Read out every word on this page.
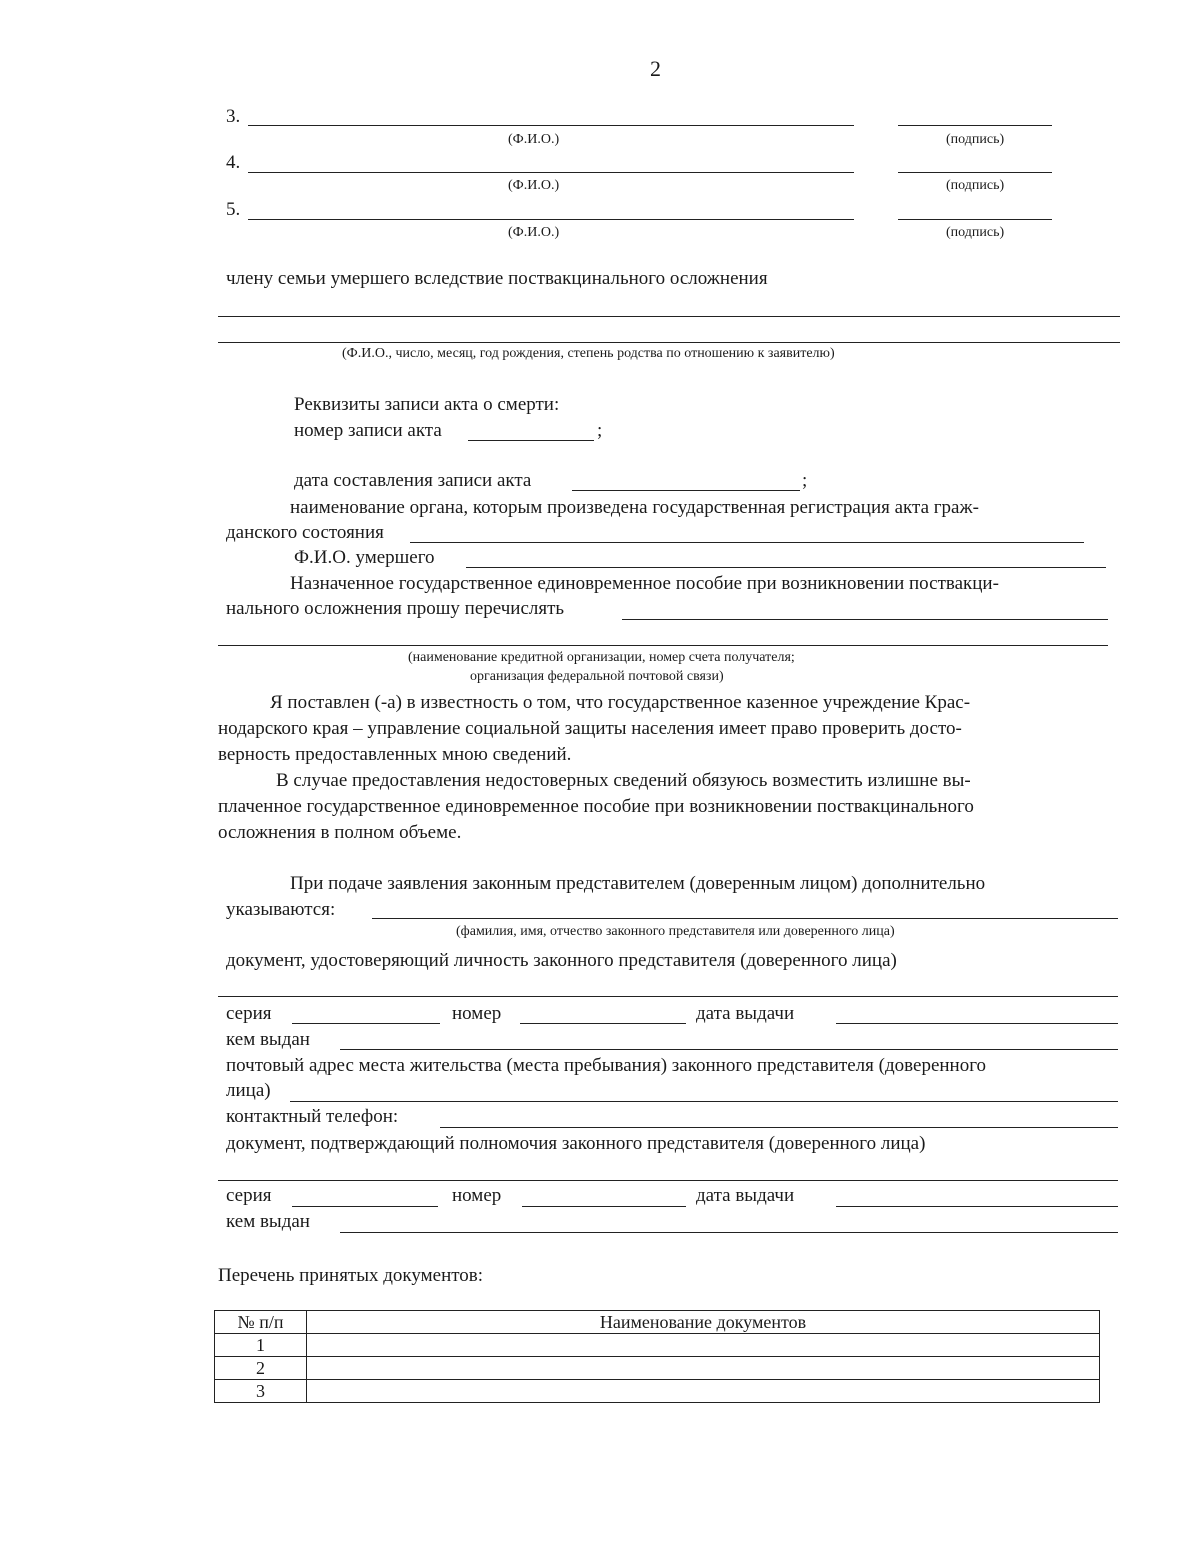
2
3.
(Ф.И.О.)	(подпись)
4.
(Ф.И.О.)	(подпись)
5.
(Ф.И.О.)	(подпись)
члену семьи умершего вследствие поствакцинального осложнения
(Ф.И.О., число, месяц, год рождения, степень родства по отношению к заявителю)
Реквизиты записи акта о смерти:
номер записи акта	;
дата составления записи акта	;
наименование органа, которым произведена государственная регистрация акта граж-
данского состояния
Ф.И.О. умершего
Назначенное государственное единовременное пособие при возникновении поствакци-
нального осложнения прошу перечислять
(наименование кредитной организации, номер счета получателя;
организация федеральной почтовой связи)
Я поставлен (-а) в известность о том, что государственное казенное учреждение Крас-
нодарского края – управление социальной защиты населения имеет право проверить досто-
верность предоставленных мною сведений.
В случае предоставления недостоверных сведений обязуюсь возместить излишне вы-
плаченное государственное единовременное пособие при возникновении поствакцинального
осложнения в полном объеме.
При подаче заявления законным представителем (доверенным лицом) дополнительно
указываются:
(фамилия, имя, отчество законного представителя или доверенного лица)
документ, удостоверяющий личность законного представителя (доверенного лица)
серия	номер	дата выдачи
кем выдан
почтовый адрес места жительства (места пребывания) законного представителя (доверенного
лица)
контактный телефон:
документ, подтверждающий полномочия законного представителя (доверенного лица)
серия	номер	дата выдачи
кем выдан
Перечень принятых документов:
№ п/п	Наименование документов
1	
2	
3	
